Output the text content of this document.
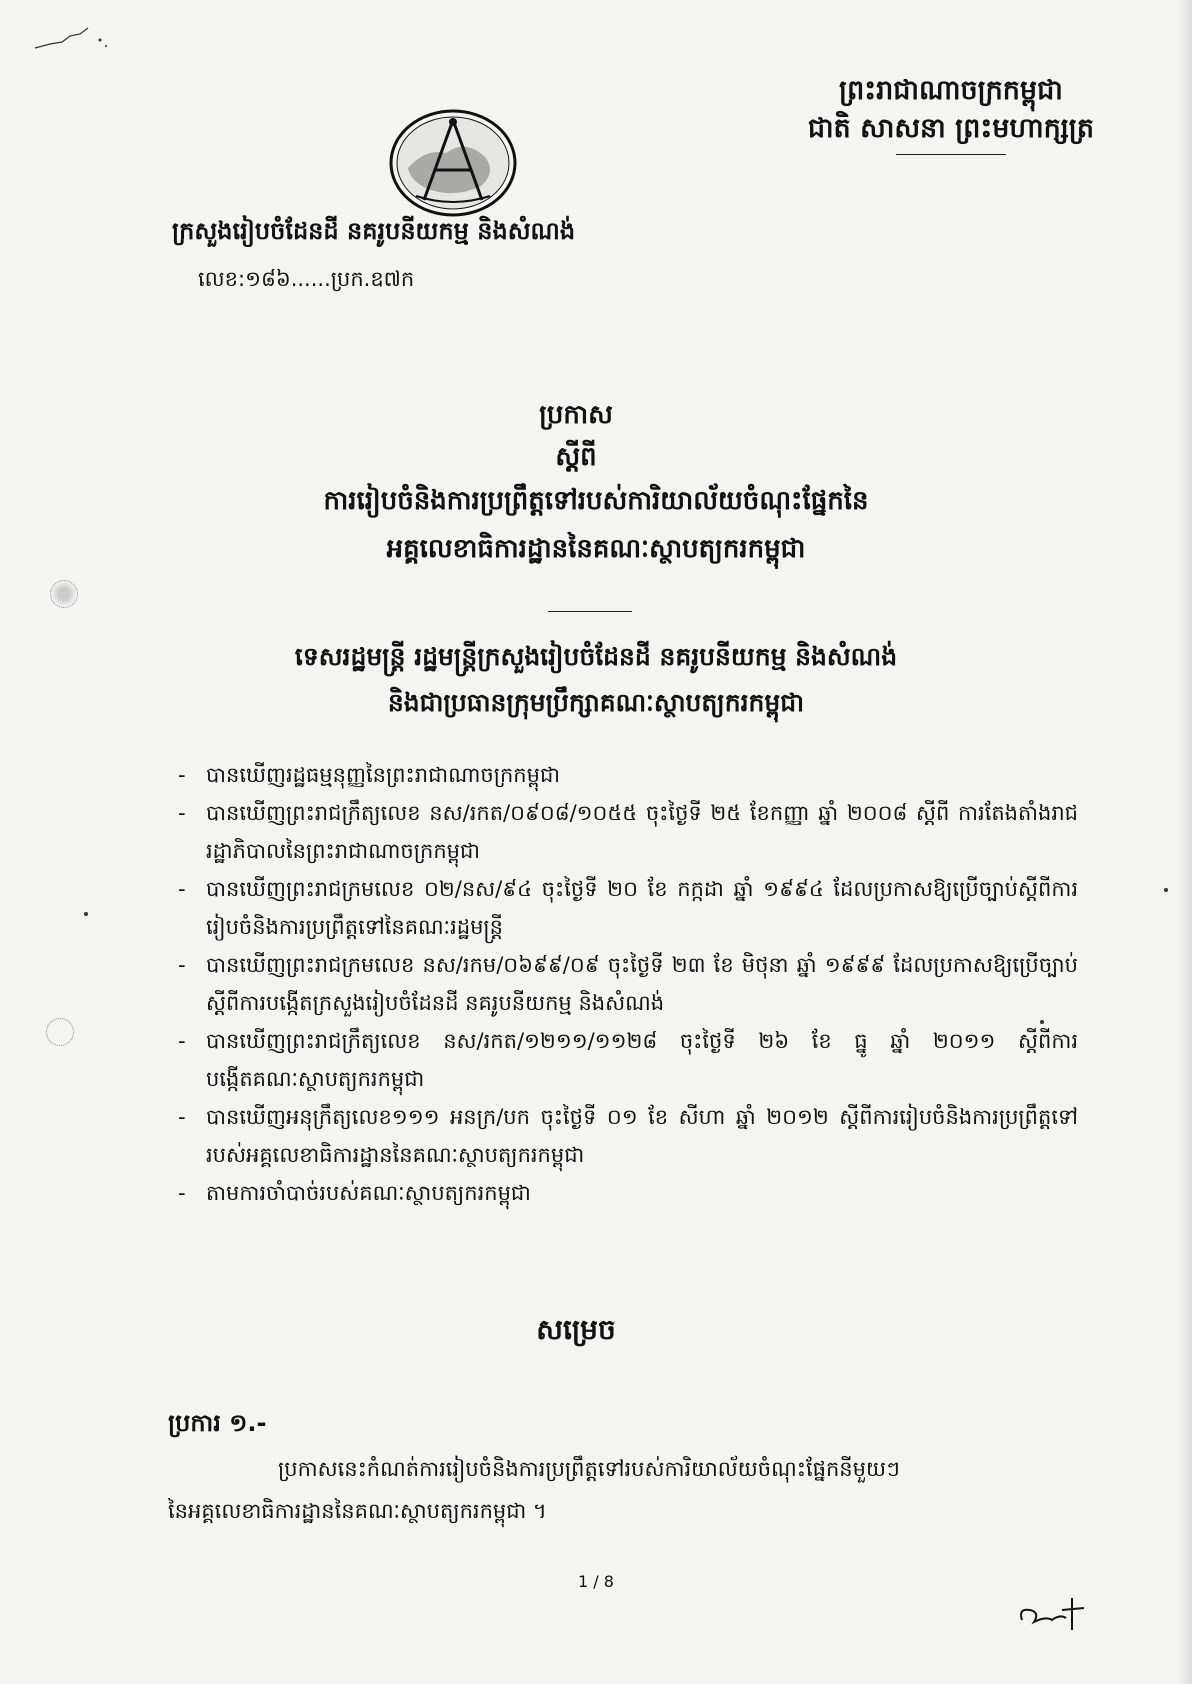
ព្រះរាជាណាចក្រកម្ពុជា
ជាតិ សាសនា ព្រះមហាក្សត្រ
ក្រសួងរៀបចំដែនដី នគរូបនីយកម្ម និងសំណង់
លេខ:១៨៦......ប្រក.ឧ៧ក
ប្រកាស
ស្ដីពី
ការរៀបចំនិងការប្រព្រឹត្តទៅរបស់ការិយាល័យចំណុះផ្នែកនៃ
អគ្គលេខាធិការដ្ឋាននៃគណៈស្ថាបត្យករកម្ពុជា
ទេសរដ្ឋមន្ត្រី រដ្ឋមន្ត្រីក្រសួងរៀបចំដែនដី នគរូបនីយកម្ម និងសំណង់
និងជាប្រធានក្រុមប្រឹក្សាគណៈស្ថាបត្យករកម្ពុជា
- បានឃើញរដ្ឋធម្មនុញ្ញនៃព្រះរាជាណាចក្រកម្ពុជា
- បានឃើញព្រះរាជក្រឹត្យលេខ នស/រកត/០៩០៨/១០៥៥ ចុះថ្ងៃទី ២៥ ខែកញ្ញា ឆ្នាំ ២០០៨ ស្ដីពី ការតែងតាំងរាជរដ្ឋាភិបាលនៃព្រះរាជាណាចក្រកម្ពុជា
- បានឃើញព្រះរាជក្រមលេខ ០២/នស/៩៤ ចុះថ្ងៃទី ២០ ខែ កក្កដា ឆ្នាំ ១៩៩៤ ដែលប្រកាសឱ្យប្រើច្បាប់ស្ដីពីការរៀបចំនិងការប្រព្រឹត្តទៅនៃគណៈរដ្ឋមន្ត្រី
- បានឃើញព្រះរាជក្រមលេខ នស/រកម/០៦៩៩/០៩ ចុះថ្ងៃទី ២៣ ខែ មិថុនា ឆ្នាំ ១៩៩៩ ដែលប្រកាសឱ្យប្រើច្បាប់ស្ដីពីការបង្កើតក្រសួងរៀបចំដែនដី នគរូបនីយកម្ម និងសំណង់
- បានឃើញព្រះរាជក្រឹត្យលេខ នស/រកត/១២១១/១១២៨ ចុះថ្ងៃទី ២៦ ខែ ធ្នូ ឆ្នាំ ២០១១ ស្ដីពីការបង្កើតគណៈស្ថាបត្យករកម្ពុជា
- បានឃើញអនុក្រឹត្យលេខ១១១ អនក្រ/បក ចុះថ្ងៃទី ០១ ខែ សីហា ឆ្នាំ ២០១២ ស្ដីពីការរៀបចំនិងការប្រព្រឹត្តទៅរបស់អគ្គលេខាធិការដ្ឋាននៃគណៈស្ថាបត្យករកម្ពុជា
- តាមការចាំបាច់របស់គណៈស្ថាបត្យករកម្ពុជា
សម្រេច
ប្រការ ១.-
ប្រកាសនេះកំណត់ការរៀបចំនិងការប្រព្រឹត្តទៅរបស់ការិយាល័យចំណុះផ្នែកនីមួយៗ
នៃអគ្គលេខាធិការដ្ឋាននៃគណៈស្ថាបត្យករកម្ពុជា ។
1 / 8
